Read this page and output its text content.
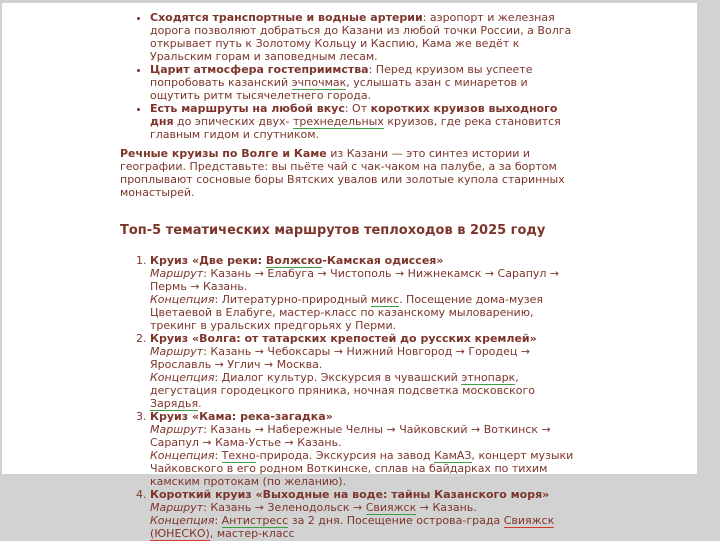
• Сходятся транспортные и водные артерии: аэропорт и железная дорога позволяют добраться до Казани из любой точки России, а Волга открывает путь к Золотому Кольцу и Каспию, Кама же ведёт к Уральским горам и заповедным лесам.
• Царит атмосфера гостеприимства: Перед круизом вы успеете попробовать казанский эчпочмак, услышать азан с минаретов и ощутить ритм тысячелетнего города.
• Есть маршруты на любой вкус: От коротких круизов выходного дня до эпических двух- трехнедельных круизов, где река становится главным гидом и спутником.

Речные круизы по Волге и Каме из Казани — это синтез истории и географии. Представьте: вы пьёте чай с чак-чаком на палубе, а за бортом проплывают сосновые боры Вятских увалов или золотые купола старинных монастырей.

Топ-5 тематических маршрутов теплоходов в 2025 году
1. Круиз «Две реки: Волжско-Камская одиссея»
Маршрут: Казань → Елабуга → Чистополь → Нижнекамск → Сарапул → Пермь → Казань.
Концепция: Литературно-природный микс. Посещение дома-музея Цветаевой в Елабуге, мастер-класс по казанскому мыловарению, трекинг в уральских предгорьях у Перми.
2. Круиз «Волга: от татарских крепостей до русских кремлей»
Маршрут: Казань → Чебоксары → Нижний Новгород → Городец → Ярославль → Углич → Москва.
Концепция: Диалог культур. Экскурсия в чувашский этнопарк, дегустация городецкого пряника, ночная подсветка московского Зарядья.
3. Круиз «Кама: река-загадка»
Маршрут: Казань → Набережные Челны → Чайковский → Воткинск → Сарапул → Кама-Устье → Казань.
Концепция: Техно-природа. Экскурсия на завод КамАЗ, концерт музыки Чайковского в его родном Воткинске, сплав на байдарках по тихим камским протокам (по желанию).
4. Короткий круиз «Выходные на воде: тайны Казанского моря»
Маршрут: Казань → Зеленодольск → Свияжск → Казань.
Концепция: Антистресс за 2 дня. Посещение острова-града Свияжск (ЮНЕСКО), мастер-класс
